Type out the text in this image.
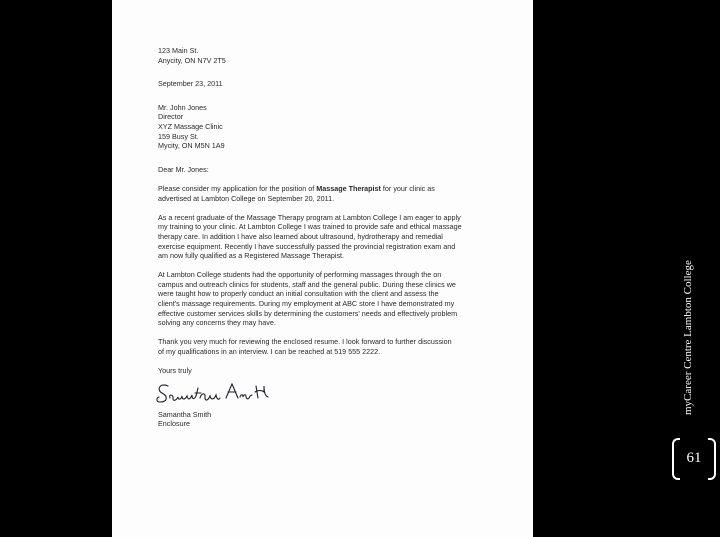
123 Main St.
Anycity, ON N7V 2T5
September 23, 2011
Mr. John Jones
Director
XYZ Massage Clinic
159 Busy St.
Mycity, ON M5N 1A9
Dear Mr. Jones:
Please consider my application for the position of Massage Therapist for your clinic as
advertised at Lambton College on September 20, 2011.
As a recent graduate of the Massage Therapy program at Lambton College I am eager to apply
my training to your clinic. At Lambton College I was trained to provide safe and ethical massage
therapy care. In addition I have also learned about ultrasound, hydrotherapy and remedial
exercise equipment. Recently I have successfully passed the provincial registration exam and
am now fully qualified as a Registered Massage Therapist.
At Lambton College students had the opportunity of performing massages through the on
campus and outreach clinics for students, staff and the general public. During these clinics we
were taught how to properly conduct an initial consultation with the client and assess the
client's massage requirements. During my employment at ABC store I have demonstrated my
effective customer services skills by determining the customers' needs and effectively problem
solving any concerns they may have.
Thank you very much for reviewing the enclosed resume. I look forward to further discussion
of my qualifications in an interview. I can be reached at 519 555 2222.
Yours truly
Samantha Smith
Enclosure
myCareer Centre Lambton College
61
